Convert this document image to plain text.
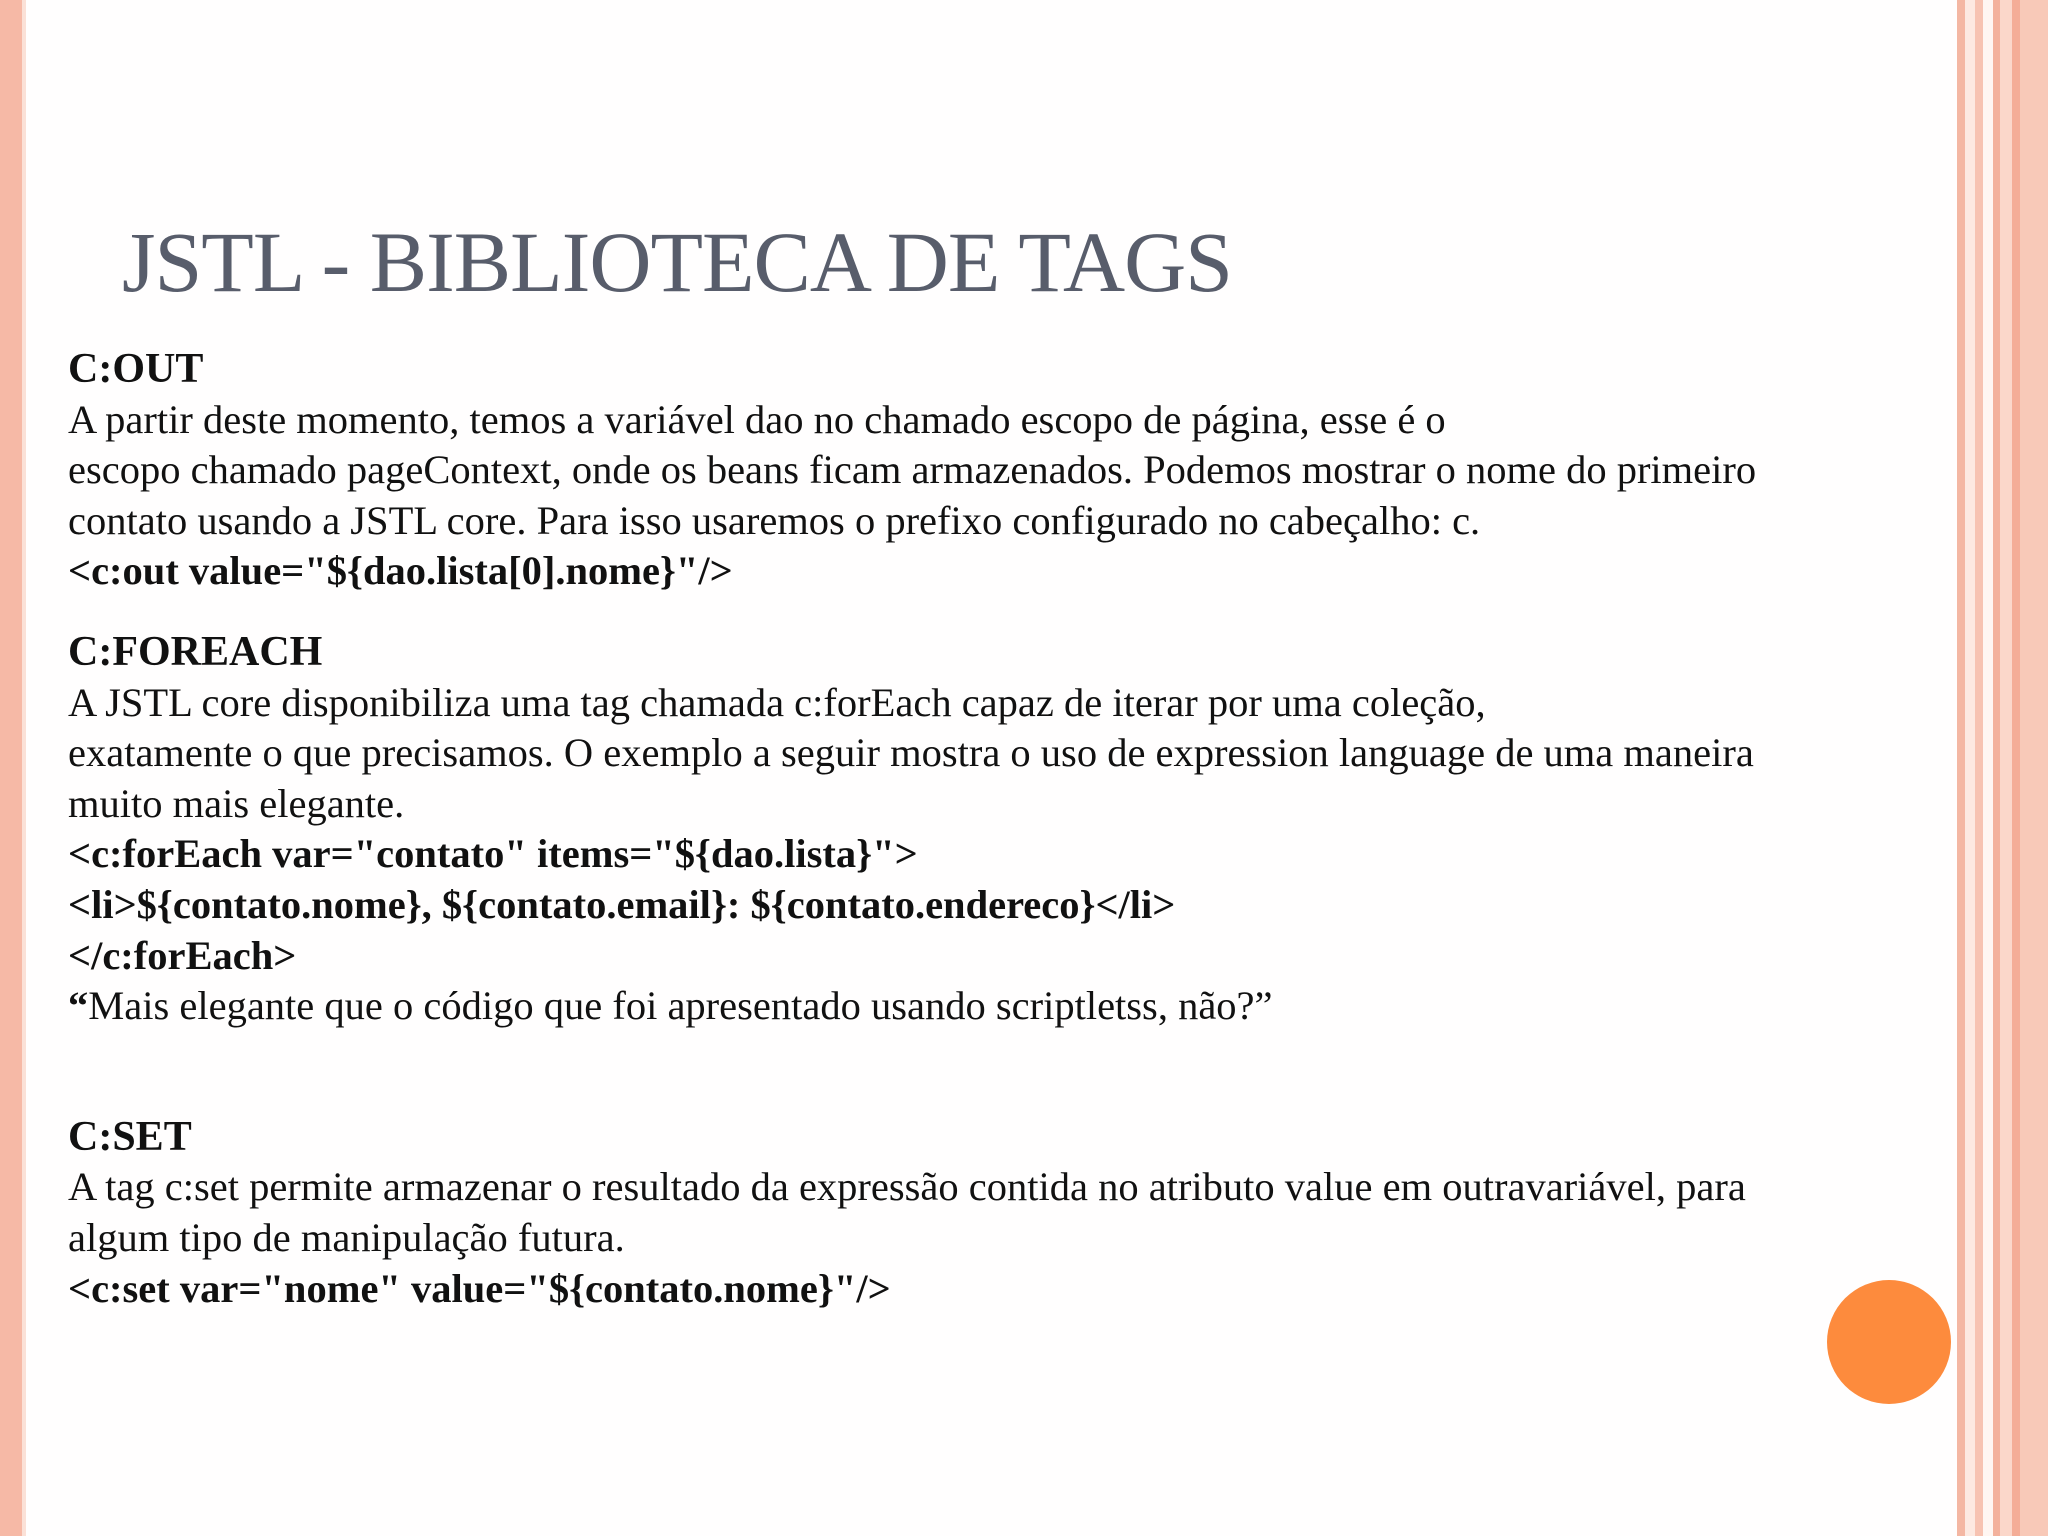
JSTL - BIBLIOTECA DE TAGS
C:OUT
A partir deste momento, temos a variável dao no chamado escopo de página, esse é o
escopo chamado pageContext, onde os beans ficam armazenados. Podemos mostrar o nome do primeiro
contato usando a JSTL core. Para isso usaremos o prefixo configurado no cabeçalho: c.
<c:out value="${dao.lista[0].nome}"/>
C:FOREACH
A JSTL core disponibiliza uma tag chamada c:forEach capaz de iterar por uma coleção,
exatamente o que precisamos. O exemplo a seguir mostra o uso de expression language de uma maneira
muito mais elegante.
<c:forEach var="contato" items="${dao.lista}">
<li>${contato.nome}, ${contato.email}: ${contato.endereco}</li>
</c:forEach>
“Mais elegante que o código que foi apresentado usando scriptletss, não?”
C:SET
A tag c:set permite armazenar o resultado da expressão contida no atributo value em outravariável, para
algum tipo de manipulação futura.
<c:set var="nome" value="${contato.nome}"/>
